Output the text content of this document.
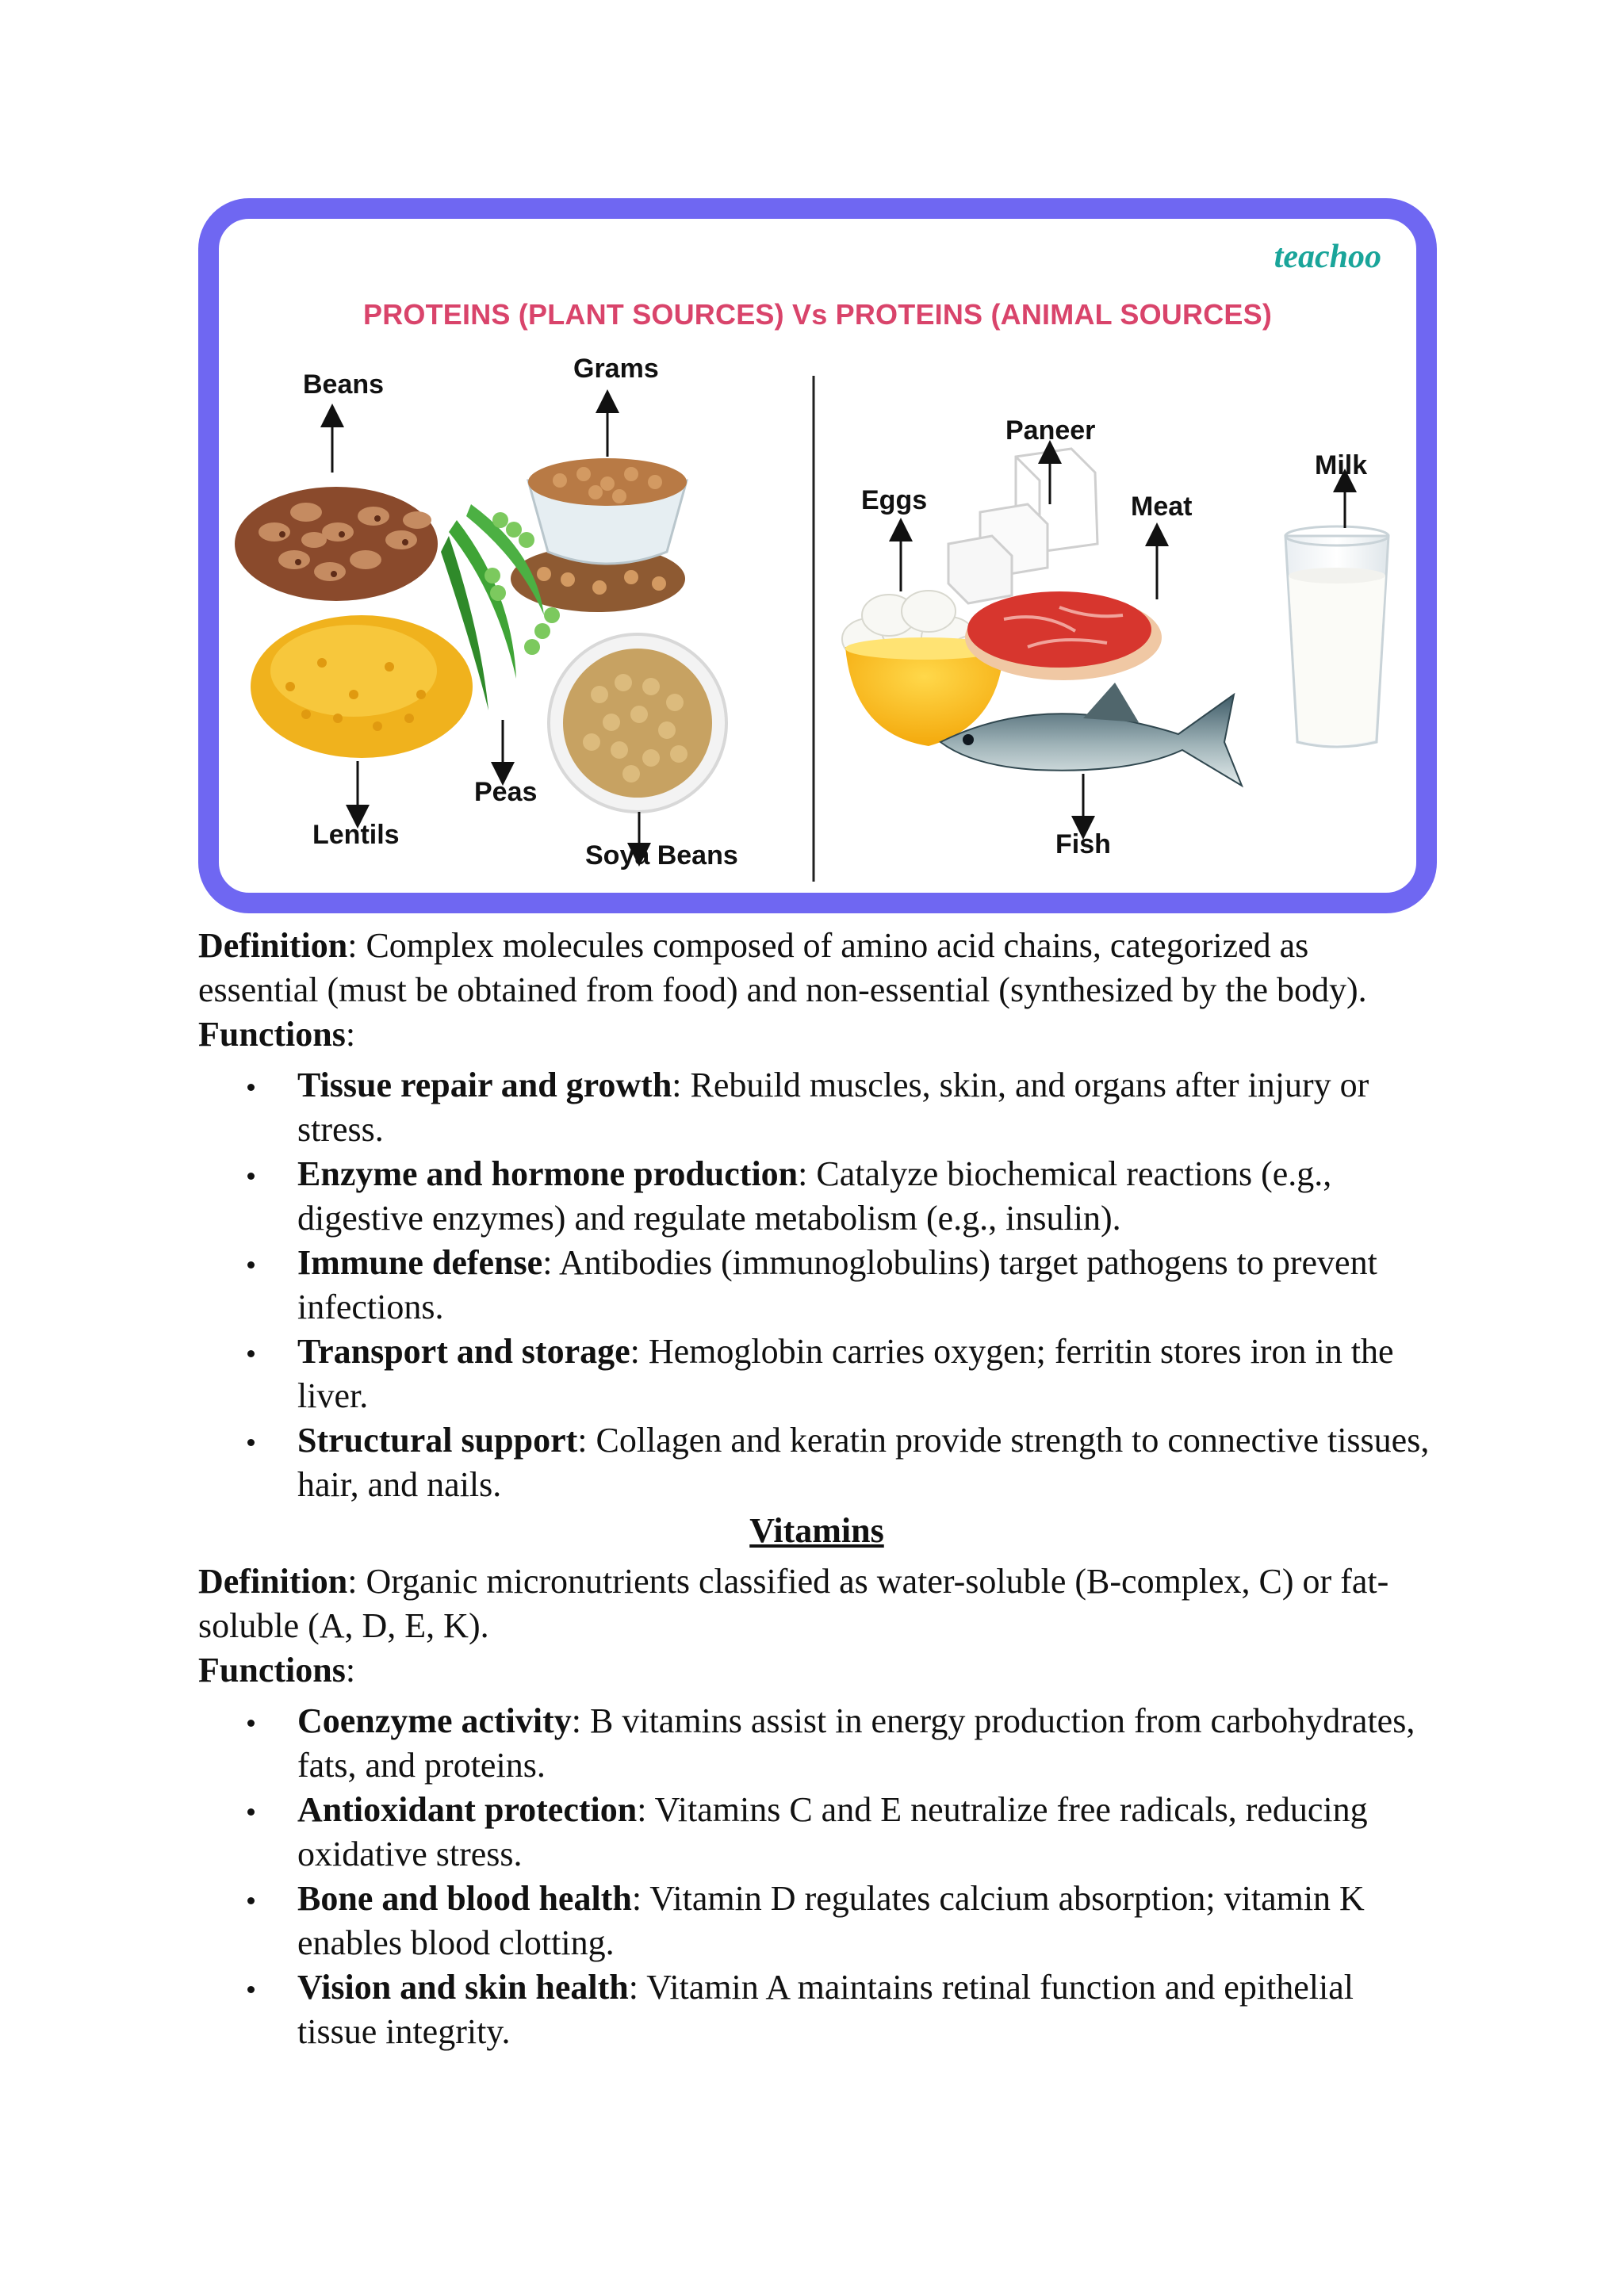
teachoo
PROTEINS (PLANT SOURCES) Vs PROTEINS (ANIMAL SOURCES)
Beans
Grams
Peas
Lentils
Soya Beans
Eggs
Paneer
Milk
Meat
Fish

Definition: Complex molecules composed of amino acid chains, categorized as essential (must be obtained from food) and non-essential (synthesized by the body).

Functions:

Tissue repair and growth: Rebuild muscles, skin, and organs after injury or stress.
Enzyme and hormone production: Catalyze biochemical reactions (e.g., digestive enzymes) and regulate metabolism (e.g., insulin).
Immune defense: Antibodies (immunoglobulins) target pathogens to prevent infections.
Transport and storage: Hemoglobin carries oxygen; ferritin stores iron in the liver.
Structural support: Collagen and keratin provide strength to connective tissues, hair, and nails.

Vitamins

Definition: Organic micronutrients classified as water-soluble (B-complex, C) or fat-soluble (A, D, E, K).

Functions:

Coenzyme activity: B vitamins assist in energy production from carbohydrates, fats, and proteins.
Antioxidant protection: Vitamins C and E neutralize free radicals, reducing oxidative stress.
Bone and blood health: Vitamin D regulates calcium absorption; vitamin K enables blood clotting.
Vision and skin health: Vitamin A maintains retinal function and epithelial tissue integrity.
